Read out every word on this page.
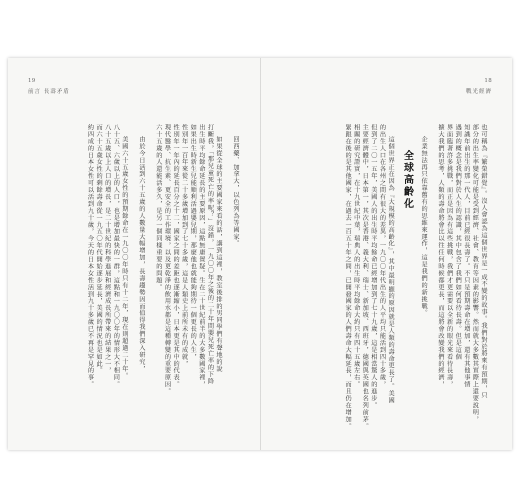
19
前言 長壽矛盾
回西藥、加拿大，以色列為等國家。
如果從全球的主要國家來看的話，講到這裡，教室後排的男同學們有聲地的說
打斷我，「那兒童死亡的率呢？」沒錯，一九〇〇年之後的二十年間嬰兒死亡率的下降
出生時平均餘命延長的主要原因，這點無庸置疑。生在二十世紀前半的大多數國家裡，
如果出生時新生兒能順利活過嬰兒期，那麼他也就能夠期待一個更長的人生，
性別年一百年來從二十多歲增加到了七十多歲，這是人類史上前所未有的成就，
性別年一年內的延長百分之十二，國家之間的差距也逐漸縮小，日本更是其中的代表。
現代醫學、抗生素、更安全的工作環境，以及更乾淨的飲用水都是這種轉變的重要原因。
六十五歲的人還能活多久，是另一個同樣重要的問題。
由於今日活到六十五歲的人數量大幅增加，長壽趨勢因而值得我們深入研究，
美國六十五歲女性的預期餘命在一九〇〇年時只有十二年，現在則超過二十年。
八十五、六歲以上的人口，也是增加最快的一群，這點和一九〇〇年的情形大不相同。
八十五歲以上人口的增長，是二十世紀的科學進展和經濟成長所帶來的結果之一，
而六十五歲女性的剩餘壽命從一九五〇年代開始逐步延長，美國的情況也是如此。
約四成的日本女性可以活到九十歲，今天的日本女性活到九十多歲已不再是罕見的事。
18
戰光經濟
也可稱為『繁榮錯覺』。沒人會認為這個世界是一成不變的故事。我們對於將來有預期，只
部分的出生率變化可能是受到經濟、社會、教育等因素的影響。然而就大多數其實際上還要說明，
知識年前出生的那一代人，目前已經很長壽了。不只是預期壽命在增加，還有其他事情
遇到的概念是我們對於人生的認識，其中包含了我們如何看待長壽。但是這個
界面臨著許多挑戰，而正是因為有這些挑戰，我們才更需要以全新的眼光來看待長壽，
擴大我們的思考，人類的壽命將會比以往任何時候都更長，而這將會改變我們的經濟，
企業無法再只依靠舊有的思維來運作，這是我們的新挑戰。
全球高齡化
這個世界正在因為『大規模的高齡化』，其中最明顯的原因就是人類的壽命更長了。美國
的出生人口在各州之間有很大的差異，一九〇〇年代出生的人平均只能活到四十多歲，
但到了二〇一五年，美國人的出生時平均餘命已經增加到了七十九歲，這是相當驚人的進步。
主要經濟體中，日本第一，其次是香港、義大利、瑞士、新加坡、西班牙，德國與英國也名列前茅。
相關的研究證實，在十九世紀中葉，瑞典人的出生時平均餘命大約只有四十五歲左右。
緊跟在後的是其他國家，在過去一百五十年之間，已開發國家的人們壽命大幅延長，而且仍在增加。
